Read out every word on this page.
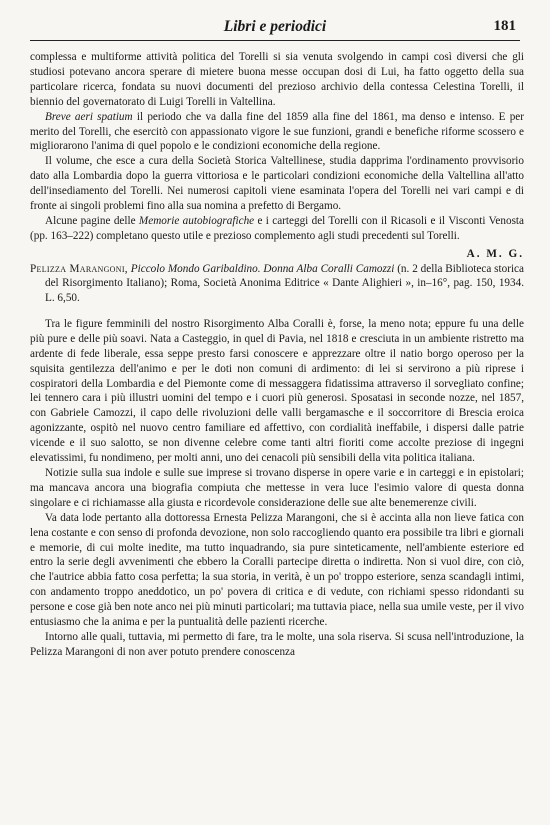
Libri e periodici	181

complessa e multiforme attività politica del Torelli si sia venuta svolgendo in campi così diversi che gli studiosi potevano ancora sperare di mietere buona messe occupan dosi di Lui, ha fatto oggetto della sua particolare ricerca, fondata su nuovi documenti del prezioso archivio della contessa Celestina Torelli, il biennio del governatorato di Luigi Torelli in Valtellina.

Breve aeri spatium il periodo che va dalla fine del 1859 alla fine del 1861, ma denso e intenso. E per merito del Torelli, che esercitò con appassionato vigore le sue funzioni, grandi e benefiche riforme scossero e migliorarono l'anima di quel popolo e le condizioni economiche della regione.

Il volume, che esce a cura della Società Storica Valtellinese, studia dapprima l'ordinamento provvisorio dato alla Lombardia dopo la guerra vittoriosa e le particolari condizioni economiche della Valtellina all'atto dell'insediamento del Torelli. Nei numerosi capitoli viene esaminata l'opera del Torelli nei vari campi e di fronte ai singoli problemi fino alla sua nomina a prefetto di Bergamo.

Alcune pagine delle Memorie autobiografiche e i carteggi del Torelli con il Ricasoli e il Visconti Venosta (pp. 163–222) completano questo utile e prezioso complemento agli studi precedenti sul Torelli.

A. M. G.

Pelizza Marangoni, Piccolo Mondo Garibaldino. Donna Alba Coralli Camozzi (n. 2 della Biblioteca storica del Risorgimento Italiano); Roma, Società Anonima Editrice « Dante Alighieri », in–16°, pag. 150, 1934. L. 6,50.

Tra le figure femminili del nostro Risorgimento Alba Coralli è, forse, la meno nota; eppure fu una delle più pure e delle più soavi. Nata a Casteggio, in quel di Pavia, nel 1818 e cresciuta in un ambiente ristretto ma ardente di fede liberale, essa seppe presto farsi conoscere e apprezzare oltre il natio borgo operoso per la squisita gentilezza dell'animo e per le doti non comuni di ardimento: di lei si servirono a più riprese i cospiratori della Lombardia e del Piemonte come di messaggera fidatissima attraverso il sorvegliato confine; lei tennero cara i più illustri uomini del tempo e i cuori più generosi. Sposatasi in seconde nozze, nel 1857, con Gabriele Camozzi, il capo delle rivoluzioni delle valli bergamasche e il soccorritore di Brescia eroica agonizzante, ospitò nel nuovo centro familiare ed affettivo, con cordialità ineffabile, i dispersi dalle patrie vicende e il suo salotto, se non divenne celebre come tanti altri fioriti come accolte preziose di ingegni elevatissimi, fu nondimeno, per molti anni, uno dei cenacoli più sensibili della vita politica italiana.

Notizie sulla sua indole e sulle sue imprese si trovano disperse in opere varie e in carteggi e in epistolari; ma mancava ancora una biografia compiuta che mettesse in vera luce l'esimio valore di questa donna singolare e ci richiamasse alla giusta e ricordevole considerazione delle sue alte benemerenze civili.

Va data lode pertanto alla dottoressa Ernesta Pelizza Marangoni, che si è accinta alla non lieve fatica con lena costante e con senso di profonda devozione, non solo raccogliendo quanto era possibile tra libri e giornali e memorie, di cui molte inedite, ma tutto inquadrando, sia pure sinteticamente, nell'ambiente esteriore ed entro la serie degli avvenimenti che ebbero la Coralli partecipe diretta o indiretta. Non si vuol dire, con ciò, che l'autrice abbia fatto cosa perfetta; la sua storia, in verità, è un po' troppo esteriore, senza scandagli intimi, con andamento troppo aneddotico, un po' povera di critica e di vedute, con richiami spesso ridondanti su persone e cose già ben note anco nei più minuti particolari; ma tuttavia piace, nella sua umile veste, per il vivo entusiasmo che la anima e per la puntualità delle pazienti ricerche.

Intorno alle quali, tuttavia, mi permetto di fare, tra le molte, una sola riserva. Si scusa nell'introduzione, la Pelizza Marangoni di non aver potuto prendere conoscenza
